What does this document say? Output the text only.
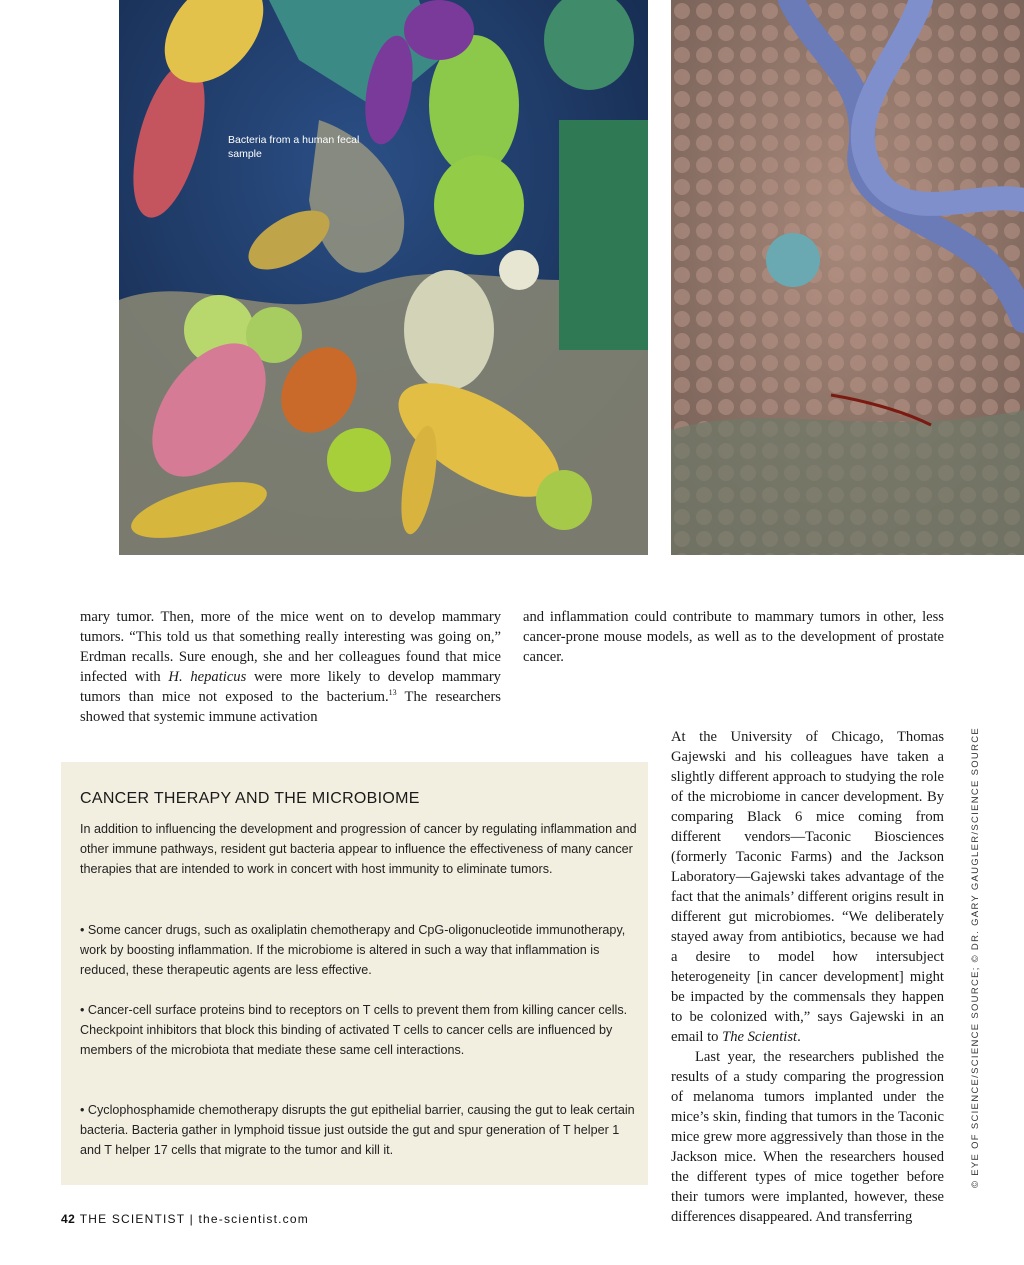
Bacteria from a human fecal sample

mary tumor. Then, more of the mice went on to develop mammary tumors. “This told us that something really interesting was going on,” Erdman recalls. Sure enough, she and her colleagues found that mice infected with H. hepaticus were more likely to develop mammary tumors than mice not exposed to the bacterium.$^{13}$ The researchers showed that systemic immune activation

and inflammation could contribute to mammary tumors in other, less cancer-prone mouse models, as well as to the development of prostate cancer.

At the University of Chicago, Thomas Gajewski and his colleagues have taken a slightly different approach to studying the role of the microbiome in cancer development. By comparing Black 6 mice coming from different vendors—Taconic Biosciences (formerly Taconic Farms) and the Jackson Laboratory—Gajewski takes advantage of the fact that the animals’ different origins result in different gut microbiomes. “We deliberately stayed away from antibiotics, because we had a desire to model how intersubject heterogeneity [in cancer development] might be impacted by the commensals they happen to be colonized with,” says Gajewski in an email to The Scientist.

Last year, the researchers published the results of a study comparing the progression of melanoma tumors implanted under the mice’s skin, finding that tumors in the Taconic mice grew more aggressively than those in the Jackson mice. When the researchers housed the different types of mice together before their tumors were implanted, however, these differences disappeared. And transferring

CANCER THERAPY AND THE MICROBIOME
In addition to influencing the development and progression of cancer by regulating inflammation and other immune pathways, resident gut bacteria appear to influence the effectiveness of many cancer therapies that are intended to work in concert with host immunity to eliminate tumors.
• Some cancer drugs, such as oxaliplatin chemotherapy and CpG-oligonucleotide immunotherapy, work by boosting inflammation. If the microbiome is altered in such a way that inflammation is reduced, these therapeutic agents are less effective.
• Cancer-cell surface proteins bind to receptors on T cells to prevent them from killing cancer cells. Checkpoint inhibitors that block this binding of activated T cells to cancer cells are influenced by members of the microbiota that mediate these same cell interactions.
• Cyclophosphamide chemotherapy disrupts the gut epithelial barrier, causing the gut to leak certain bacteria. Bacteria gather in lymphoid tissue just outside the gut and spur generation of T helper 1 and T helper 17 cells that migrate to the tumor and kill it.	© EYE OF SCIENCE/SCIENCE SOURCE; © DR. GARY GAUGLER/SCIENCE SOURCE
42 THE SCIENTIST | the-scientist.com
